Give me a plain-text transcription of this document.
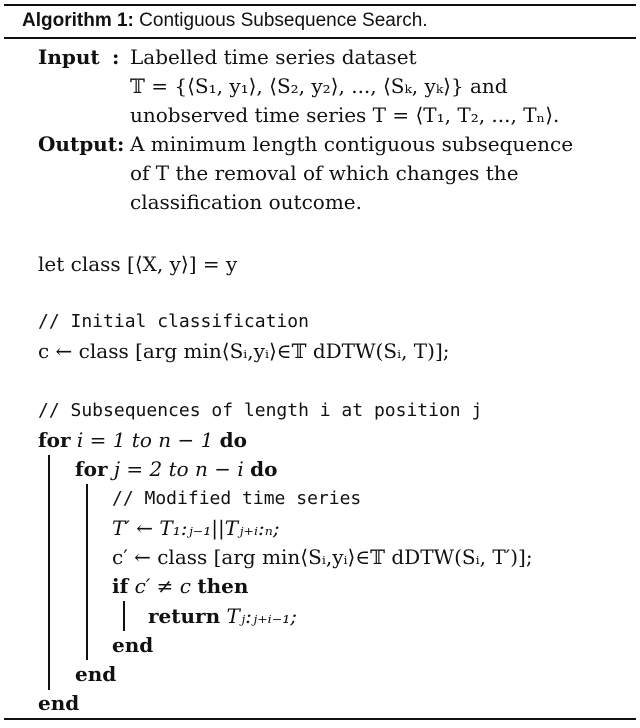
Algorithm 1: Contiguous Subsequence Search.
Input : Labelled time series dataset
𝕋 = {⟨S₁, y₁⟩, ⟨S₂, y₂⟩, ..., ⟨Sₖ, yₖ⟩} and
unobserved time series T = ⟨T₁, T₂, ..., Tₙ⟩.
Output: A minimum length contiguous subsequence
of T the removal of which changes the
classification outcome.
let class [⟨X, y⟩] = y
// Initial classification
c ← class [arg min⟨Sᵢ,yᵢ⟩∈𝕋 dDTW(Sᵢ, T)];
// Subsequences of length i at position j
for i = 1 to n − 1 do
for j = 2 to n − i do
// Modified time series
T′ ← T₁:ⱼ₋₁||Tⱼ₊ᵢ:ₙ;
c′ ← class [arg min⟨Sᵢ,yᵢ⟩∈𝕋 dDTW(Sᵢ, T′)];
if c′ ≠ c then
return Tⱼ:ⱼ₊ᵢ₋₁;
end
end
end
